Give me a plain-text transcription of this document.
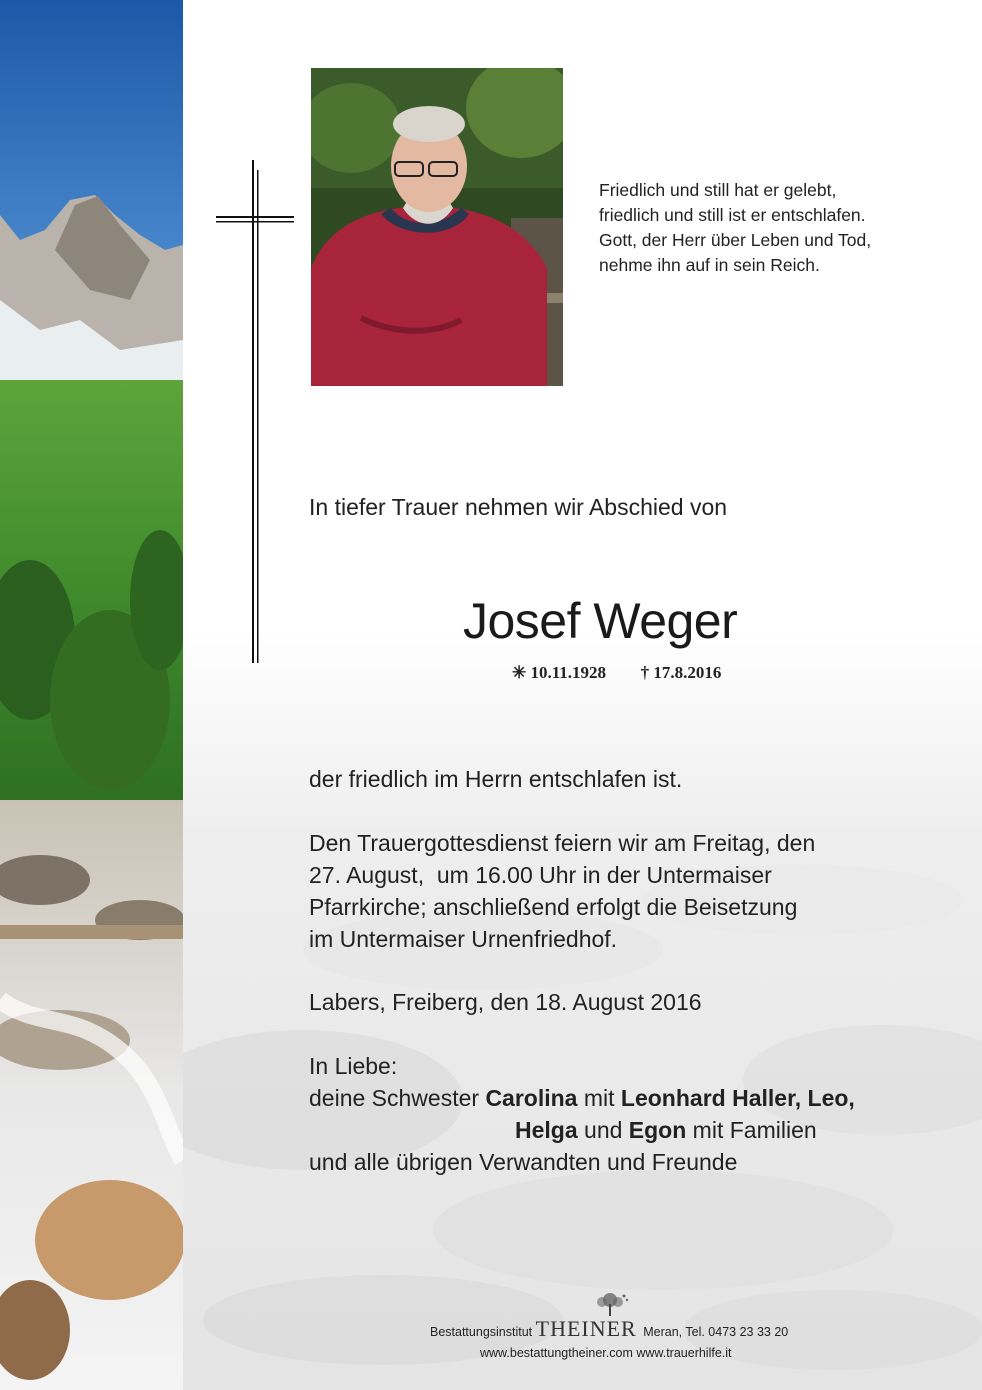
Friedlich und still hat er gelebt,
friedlich und still ist er entschlafen.
Gott, der Herr über Leben und Tod,
nehme ihn auf in sein Reich.
In tiefer Trauer nehmen wir Abschied von
Josef Weger
✳ 10.11.1928 † 17.8.2016
der friedlich im Herrn entschlafen ist.
Den Trauergottesdienst feiern wir am Freitag, den
27. August,  um 16.00 Uhr in der Untermaiser
Pfarrkirche; anschließend erfolgt die Beisetzung
im Untermaiser Urnenfriedhof.
Labers, Freiberg, den 18. August 2016
In Liebe:
deine Schwester Carolina mit Leonhard Haller, Leo,
Helga und Egon mit Familien
und alle übrigen Verwandten und Freunde
Bestattungsinstitut THEINER Meran, Tel. 0473 23 33 20
www.bestattungtheiner.com www.trauerhilfe.it
